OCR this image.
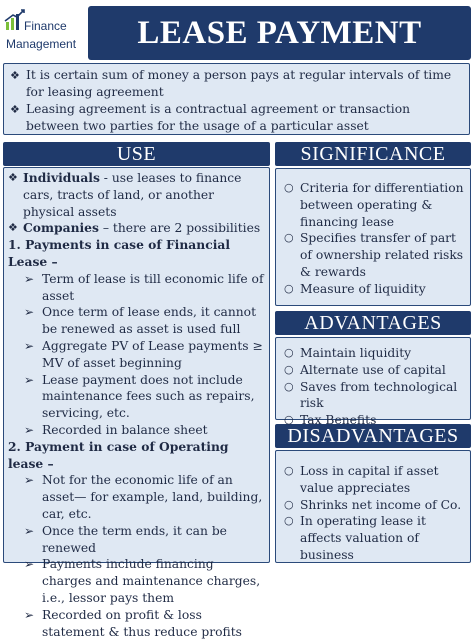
Finance
Management LEASE PAYMENT
❖ It is certain sum of money a person pays at regular intervals of time for leasing agreement
❖ Leasing agreement is a contractual agreement or transaction between two parties for the usage of a particular asset
USE	SIGNIFICANCE
ADVANTAGES
DISADVANTAGES
❖ Individuals - use leases to finance cars, tracts of land, or another physical assets
❖ Companies – there are 2 possibilities
1. Payments in case of Financial Lease –
➢ Term of lease is till economic life of asset
➢ Once term of lease ends, it cannot be renewed as asset is used full
➢ Aggregate PV of Lease payments ≥ MV of asset beginning
➢ Lease payment does not include maintenance fees such as repairs, servicing, etc.
➢ Recorded in balance sheet
2. Payment in case of Operating lease –
➢ Not for the economic life of an asset— for example, land, building, car, etc.
➢ Once the term ends, it can be renewed
➢ Payments include financing charges and maintenance charges, i.e., lessor pays them
➢ Recorded on profit & loss statement & thus reduce profits
○ Criteria for differentiation between operating & financing lease
○ Specifies transfer of part of ownership related risks & rewards
○ Measure of liquidity
○ Maintain liquidity
○ Alternate use of capital
○ Saves from technological risk
○ Tax Benefits
○ Loss in capital if asset value appreciates
○ Shrinks net income of Co.
○ In operating lease it affects valuation of business
